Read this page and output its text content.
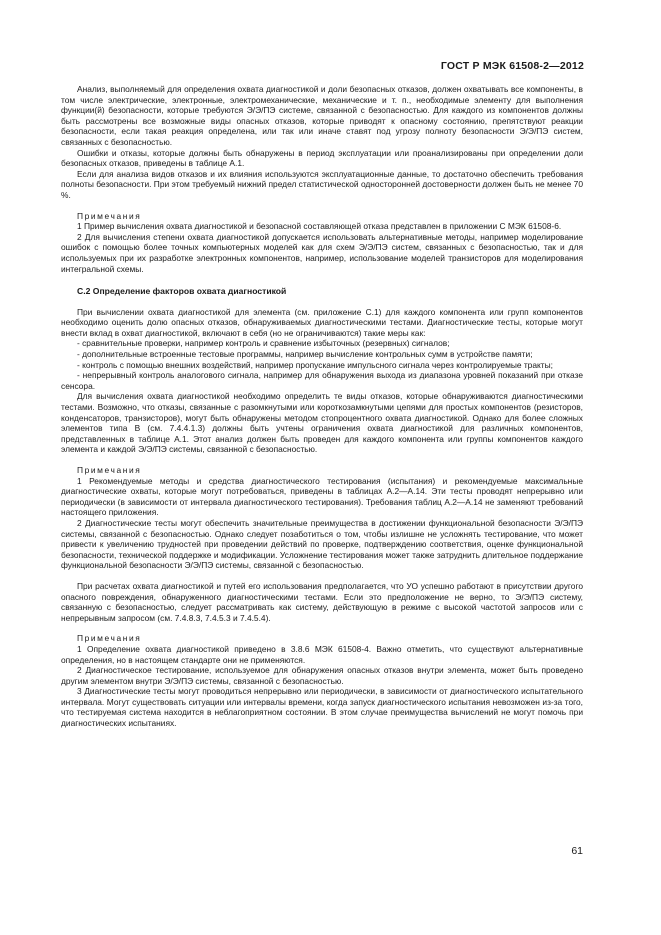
ГОСТ Р МЭК 61508-2—2012

Анализ, выполняемый для определения охвата диагностикой и доли безопасных отказов, должен охватывать все компоненты, в том числе электрические, электронные, электромеханические, механические и т. п., необходимые элементу для выполнения функции(й) безопасности, которые требуются Э/Э/ПЭ системе, связанной с безопасностью. Для каждого из компонентов должны быть рассмотрены все возможные виды опасных отказов, которые приводят к опасному состоянию, препятствуют реакции безопасности, если такая реакция определена, или так или иначе ставят под угрозу полноту безопасности Э/Э/ПЭ систем, связанных с безопасностью.

Ошибки и отказы, которые должны быть обнаружены в период эксплуатации или проанализированы при определении доли безопасных отказов, приведены в таблице А.1.

Если для анализа видов отказов и их влияния используются эксплуатационные данные, то достаточно обеспечить требования полноты безопасности. При этом требуемый нижний предел статистической односторонней достоверности должен быть не менее 70 %.

Примечания

1 Пример вычисления охвата диагностикой и безопасной составляющей отказа представлен в приложении С МЭК 61508-6.

2 Для вычисления степени охвата диагностикой допускается использовать альтернативные методы, например моделирование ошибок с помощью более точных компьютерных моделей как для схем Э/Э/ПЭ систем, связанных с безопасностью, так и для используемых при их разработке электронных компонентов, например, использование моделей транзисторов для моделирования интегральной схемы.

С.2 Определение факторов охвата диагностикой

При вычислении охвата диагностикой для элемента (см. приложение С.1) для каждого компонента или групп компонентов необходимо оценить долю опасных отказов, обнаруживаемых диагностическими тестами. Диагностические тесты, которые могут внести вклад в охват диагностикой, включают в себя (но не ограничиваются) такие меры как:

- сравнительные проверки, например контроль и сравнение избыточных (резервных) сигналов;
- дополнительные встроенные тестовые программы, например вычисление контрольных сумм в устройстве памяти;
- контроль с помощью внешних воздействий, например пропускание импульсного сигнала через контролируемые тракты;
- непрерывный контроль аналогового сигнала, например для обнаружения выхода из диапазона уровней показаний при отказе сенсора.

Для вычисления охвата диагностикой необходимо определить те виды отказов, которые обнаруживаются диагностическими тестами. Возможно, что отказы, связанные с разомкнутыми или короткозамкнутыми цепями для простых компонентов (резисторов, конденсаторов, транзисторов), могут быть обнаружены методом стопроцентного охвата диагностикой. Однако для более сложных элементов типа В (см. 7.4.4.1.3) должны быть учтены ограничения охвата диагностикой для различных компонентов, представленных в таблице А.1. Этот анализ должен быть проведен для каждого компонента или группы компонентов каждого элемента и каждой Э/Э/ПЭ системы, связанной с безопасностью.

Примечания

1 Рекомендуемые методы и средства диагностического тестирования (испытания) и рекомендуемые максимальные диагностические охваты, которые могут потребоваться, приведены в таблицах А.2—А.14. Эти тесты проводят непрерывно или периодически (в зависимости от интервала диагностического тестирования). Требования таблиц А.2—А.14 не заменяют требований настоящего приложения.

2 Диагностические тесты могут обеспечить значительные преимущества в достижении функциональной безопасности Э/Э/ПЭ системы, связанной с безопасностью. Однако следует позаботиться о том, чтобы излишне не усложнять тестирование, что может привести к увеличению трудностей при проведении действий по проверке, подтверждению соответствия, оценке функциональной безопасности, технической поддержке и модификации. Усложнение тестирования может также затруднить длительное поддержание функциональной безопасности Э/Э/ПЭ системы, связанной с безопасностью.

При расчетах охвата диагностикой и путей его использования предполагается, что УО успешно работают в присутствии другого опасного повреждения, обнаруженного диагностическими тестами. Если это предположение не верно, то Э/Э/ПЭ систему, связанную с безопасностью, следует рассматривать как систему, действующую в режиме с высокой частотой запросов или с непрерывным запросом (см. 7.4.8.3, 7.4.5.3 и 7.4.5.4).

Примечания

1 Определение охвата диагностикой приведено в 3.8.6 МЭК 61508-4. Важно отметить, что существуют альтернативные определения, но в настоящем стандарте они не применяются.

2 Диагностическое тестирование, используемое для обнаружения опасных отказов внутри элемента, может быть проведено другим элементом внутри Э/Э/ПЭ системы, связанной с безопасностью.

3 Диагностические тесты могут проводиться непрерывно или периодически, в зависимости от диагностического испытательного интервала. Могут существовать ситуации или интервалы времени, когда запуск диагностического испытания невозможен из-за того, что тестируемая система находится в неблагоприятном состоянии. В этом случае преимущества вычислений не могут помочь при диагностических испытаниях.

61
